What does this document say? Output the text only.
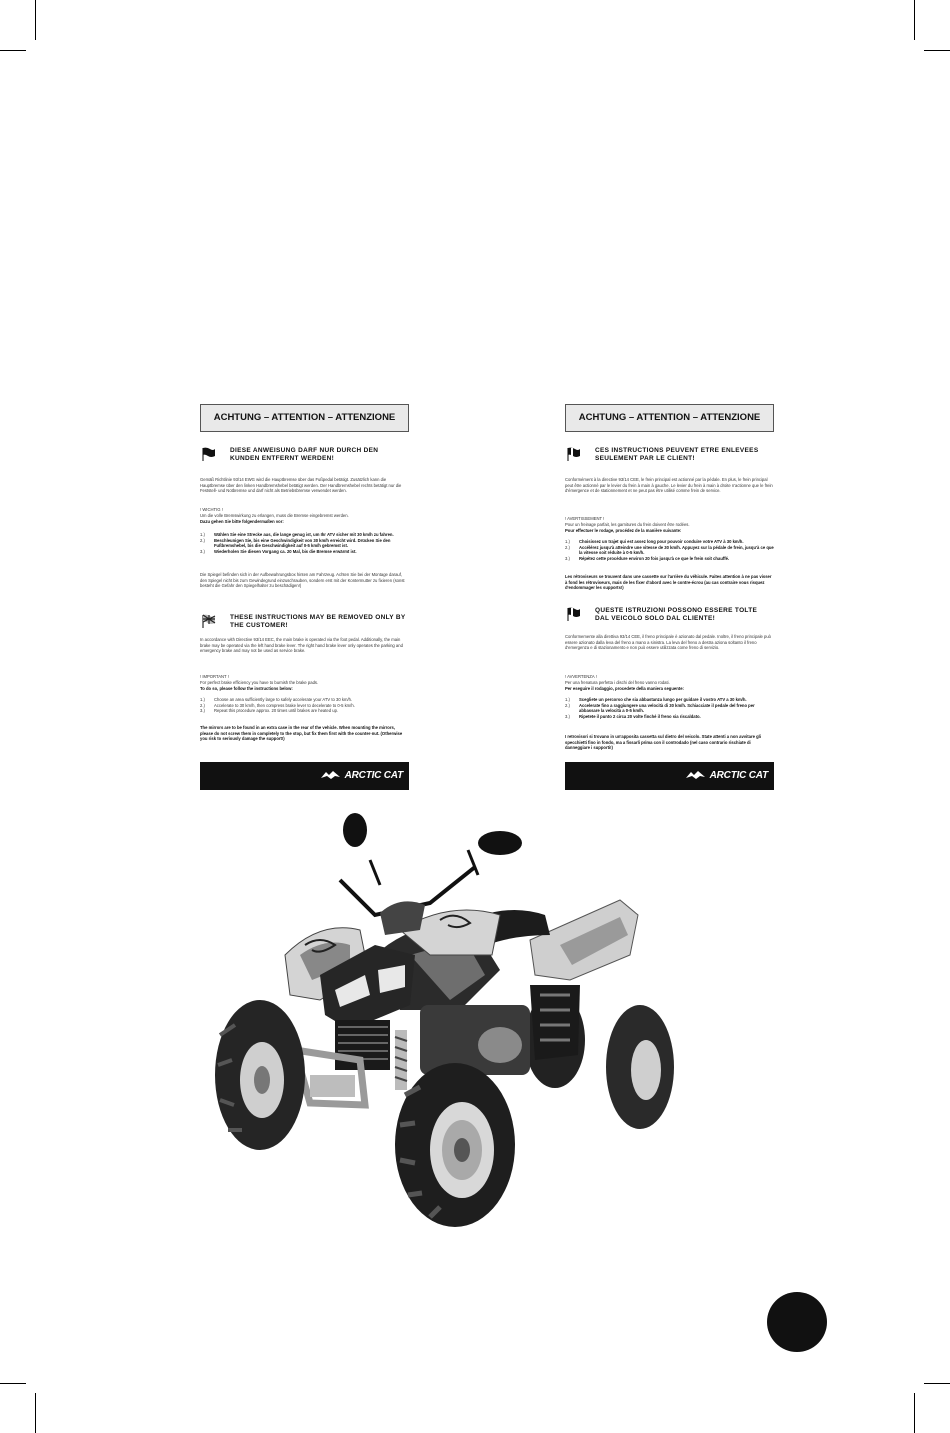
ACHTUNG – ATTENTION – ATTENZIONE
DIESE ANWEISUNG DARF NUR DURCH DEN KUNDEN ENTFERNT WERDEN!
Gemäß Richtlinie 93/14 EWG wird die Hauptbremse über das Fußpedal betätigt. Zusätzlich kann die Hauptbremse über den linken Handbremshebel betätigt werden. Der Handbremshebel rechts betätigt nur die Feststell- und Notbremse und darf nicht als Betriebsbremse verwendet werden.
! WICHTIG !
Um die volle Bremswirkung zu erlangen, muss die Bremse eingebremst werden.
Dazu gehen Sie bitte folgendermaßen vor:
1.) Wählen Sie eine Strecke aus, die lange genug ist, um Ihr ATV sicher mit 30 km/h zu fahren.
2.) Beschleunigen Sie, bis eine Geschwindigkeit von 30 km/h erreicht wird. Drücken Sie den Fußbremshebel, bis die Geschwindigkeit auf 0-5 km/h gebremst ist.
3.) Wiederholen Sie diesen Vorgang ca. 20 Mal, bis die Bremse erwärmt ist.
Die Spiegel befinden sich in der Aufbewahrungsbox hinten am Fahrzeug. Achten Sie bei der Montage darauf, den Spiegel nicht bis zum Gewindegrund einzuschrauben, sondern erst mit der Kontermutter zu fixieren (sonst besteht die Gefahr den Spiegelhalter zu beschädigen!)
THESE INSTRUCTIONS MAY BE REMOVED ONLY BY THE CUSTOMER!
In accordance with Directive 93/14 EEC, the main brake is operated via the foot pedal. Additionally, the main brake may be operated via the left hand brake lever. The right hand brake lever only operates the parking and emergency brake and may not be used as service brake.
! IMPORTANT !
For perfect brake efficiency you have to burnish the brake pads.
To do so, please follow the instructions below:
1.) Choose an area sufficiently large to safely accelerate your ATV to 30 km/h.
2.) Accelerate to 30 km/h, then compress brake lever to decelerate to 0-5 km/h.
3.) Repeat this procedure approx. 20 times until brakes are heated up.
The mirrors are to be found in an extra case in the rear of the vehicle. When mounting the mirrors, please do not screw them in completely to the stop, but fix them first with the counter-nut. (Otherwise you risk to seriously damage the support!)
ARCTIC CAT
ACHTUNG – ATTENTION – ATTENZIONE
CES INSTRUCTIONS PEUVENT ETRE ENLEVEES SEULEMENT PAR LE CLIENT!
Conformément à la directive 93/14 CEE, le frein principal est actionné par la pédale. En plus, le frein principal peut être actionné par le levier du frein à main à gauche. Le levier du frein à main à droite n'actionne que le frein d'émergence et de stationnement et ne peut pas être utilisé comme frein de service.
! AVERTISSEMENT !
Pour un freinage parfait, les garnitures du frein doivent être rodées.
Pour effectuer le rodage, procédez de la manière suivante:
1.) Choisissez un trajet qui est assez long pour pouvoir conduire votre ATV à 30 km/h.
2.) Accélérez jusqu'à atteindre une vitesse de 30 km/h. Appuyez sur la pédale de frein, jusqu'à ce que la vitesse soit réduite à 0-5 km/h.
3.) Répétez cette procédure environ 20 fois jusqu'à ce que le frein soit chauffé.
Les rétroviseurs se trouvent dans une cassette sur l'arrière du véhicule. Faites attention à ne pas visser à fond les rétroviseurs, mais de les fixer d'abord avec le contre-écrou (au cas contraire vous risquez d'endommager les supports!)
QUESTE ISTRUZIONI POSSONO ESSERE TOLTE DAL VEICOLO SOLO DAL CLIENTE!
Conformemente alla direttiva 93/14 CEE, il freno principale è azionato dal pedale. Inoltre, il freno principale può essere azionato dalla leva del freno a mano a sinistra. La leva del freno a destra aziona soltanto il freno d'emergenza e di stazionamento e non può essere utilizzata come freno di servizio.
! AVVERTENZA !
Per una frenatura perfetta i dischi del freno vanno rodati.
Per eseguire il rodaggio, procedete della maniera seguente:
1.) Scegliete un percorso che sia abbastanza lungo per guidare il vostro ATV a 30 km/h.
2.) Accelerate fino a raggiungere una velocità di 30 km/h. Schiacciate il pedale del freno per abbassare la velocità a 0-5 km/h.
3.) Ripetete il punto 2 circa 20 volte finché il freno sia riscaldato.
I retrovisori si trovano in un'apposita cassetta sul dietro del veicolo. State attenti a non avvitare gli specchietti fino in fondo, ma a fissarli prima con il controdado (nel caso contrario rischiate di danneggiare i supporti!)
ARCTIC CAT
